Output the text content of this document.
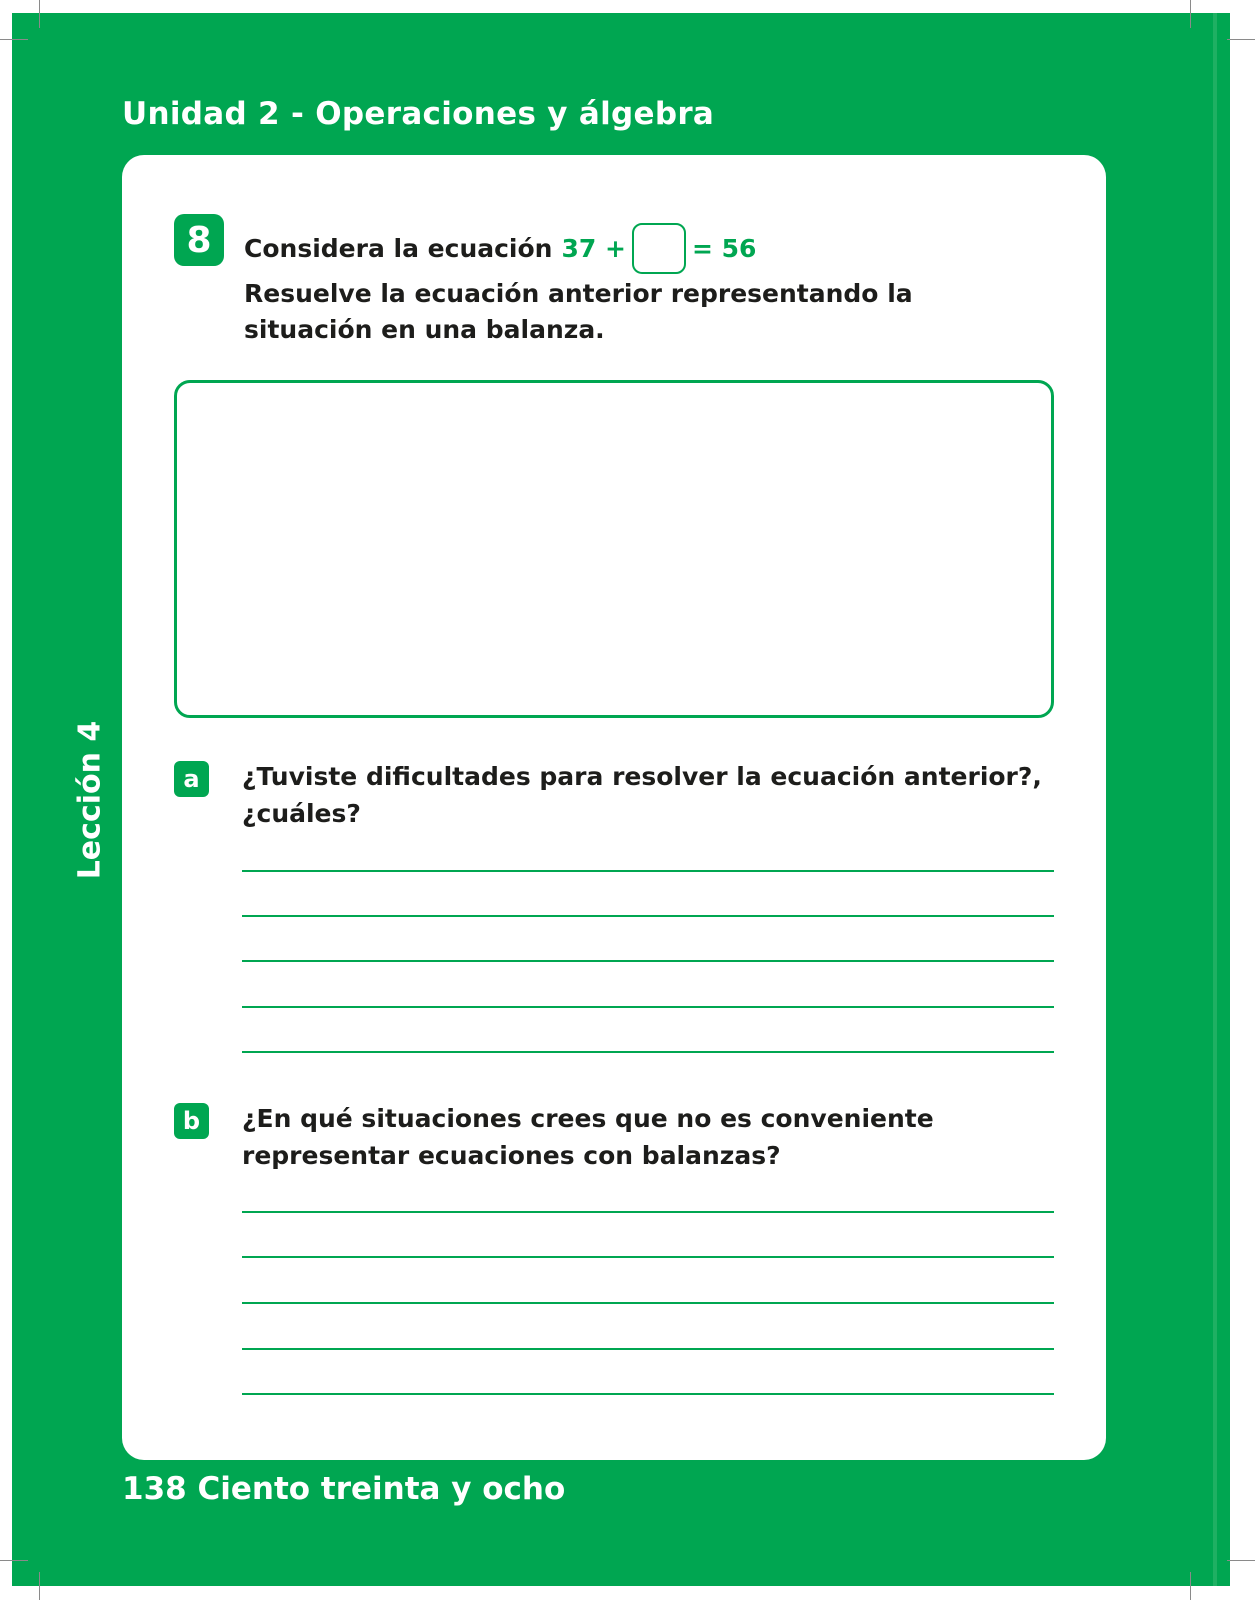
Unidad 2 - Operaciones y álgebra
Lección 4
8	Considera la ecuación 37 +	= 56
Resuelve la ecuación anterior representando la situación en una balanza.
a	¿Tuviste dificultades para resolver la ecuación anterior?, ¿cuáles?
b	¿En qué situaciones crees que no es conveniente representar ecuaciones con balanzas?
138 Ciento treinta y ocho
